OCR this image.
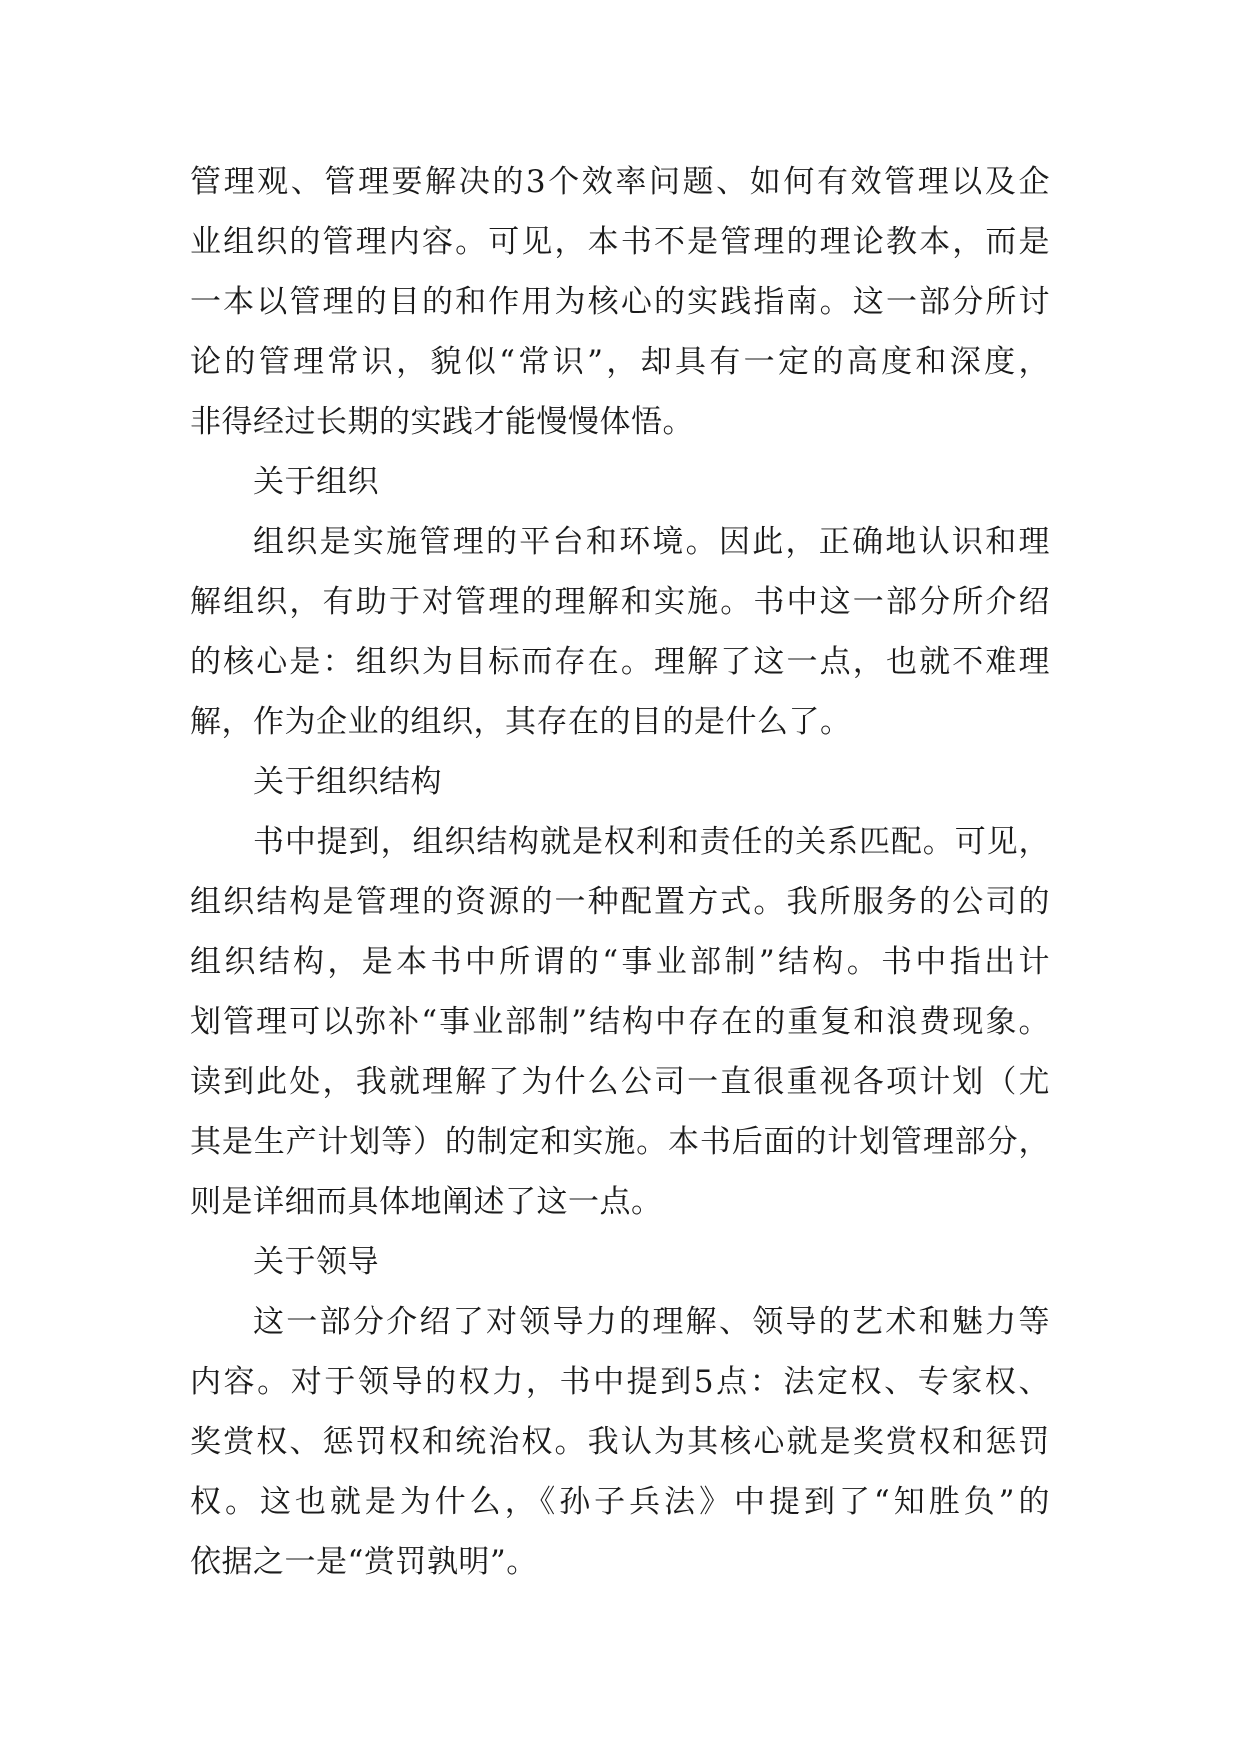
管理观、管理要解决的3个效率问题、如何有效管理以及企
业组织的管理内容。可见，本书不是管理的理论教本，而是
一本以管理的目的和作用为核心的实践指南。这一部分所讨
论的管理常识，貌似“常识”，却具有一定的高度和深度，
非得经过长期的实践才能慢慢体悟。
关于组织
组织是实施管理的平台和环境。因此，正确地认识和理
解组织，有助于对管理的理解和实施。书中这一部分所介绍
的核心是：组织为目标而存在。理解了这一点，也就不难理
解，作为企业的组织，其存在的目的是什么了。
关于组织结构
书中提到，组织结构就是权利和责任的关系匹配。可见，
组织结构是管理的资源的一种配置方式。我所服务的公司的
组织结构，是本书中所谓的“事业部制”结构。书中指出计
划管理可以弥补“事业部制”结构中存在的重复和浪费现象。
读到此处，我就理解了为什么公司一直很重视各项计划（尤
其是生产计划等）的制定和实施。本书后面的计划管理部分，
则是详细而具体地阐述了这一点。
关于领导
这一部分介绍了对领导力的理解、领导的艺术和魅力等
内容。对于领导的权力，书中提到5点：法定权、专家权、
奖赏权、惩罚权和统治权。我认为其核心就是奖赏权和惩罚
权。这也就是为什么，《孙子兵法》中提到了“知胜负”的
依据之一是“赏罚孰明”。
